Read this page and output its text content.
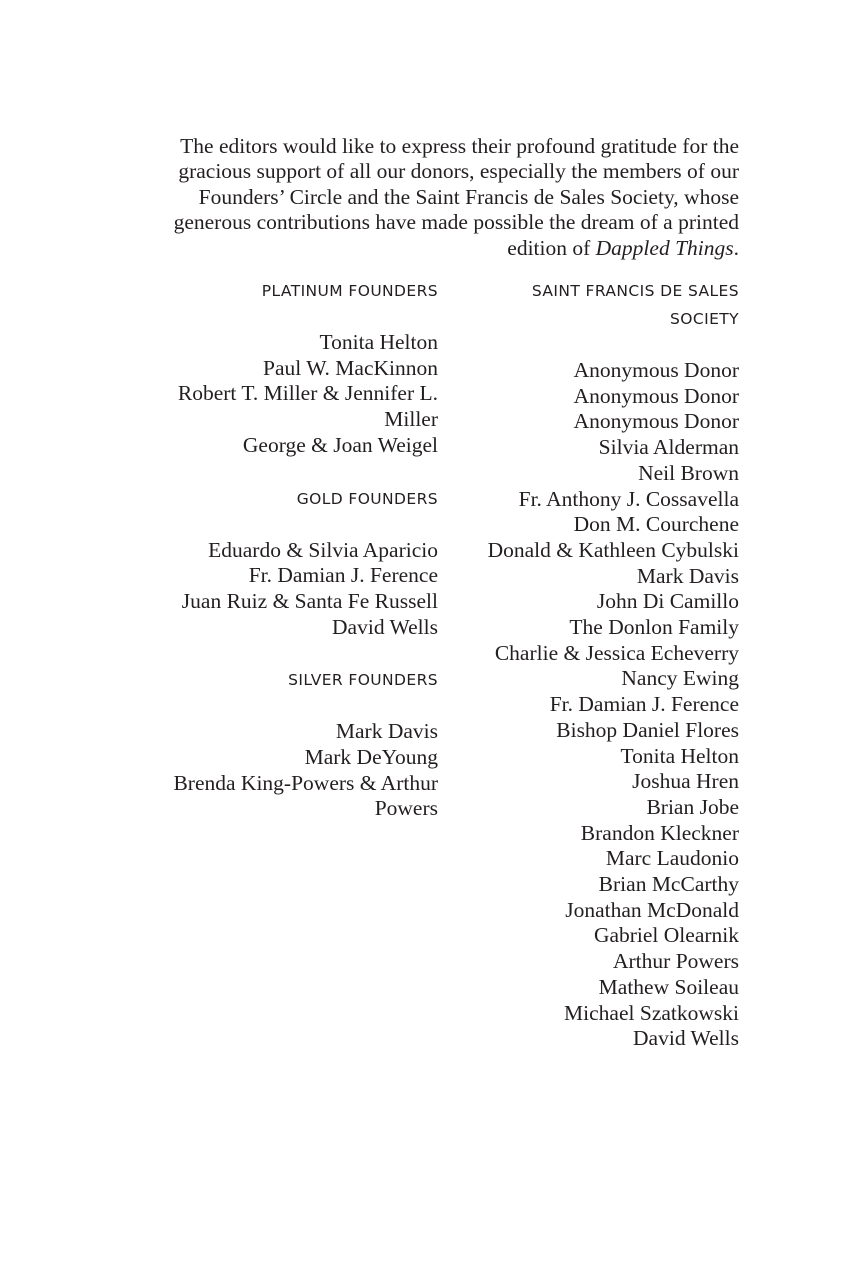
The editors would like to express their profound gratitude for the gracious support of all our donors, especially the members of our Founders’ Circle and the Saint Francis de Sales Society, whose generous contributions have made possible the dream of a printed edition of Dappled Things.

PLATINUM FOUNDERS
Tonita Helton
Paul W. MacKinnon
Robert T. Miller & Jennifer L. Miller
George & Joan Weigel
GOLD FOUNDERS
Eduardo & Silvia Aparicio
Fr. Damian J. Ference
Juan Ruiz & Santa Fe Russell
David Wells
SILVER FOUNDERS
Mark Davis
Mark DeYoung
Brenda King-Powers & Arthur Powers
SAINT FRANCIS DE SALES
SOCIETY
Anonymous Donor
Anonymous Donor
Anonymous Donor
Silvia Alderman
Neil Brown
Fr. Anthony J. Cossavella
Don M. Courchene
Donald & Kathleen Cybulski
Mark Davis
John Di Camillo
The Donlon Family
Charlie & Jessica Echeverry
Nancy Ewing
Fr. Damian J. Ference
Bishop Daniel Flores
Tonita Helton
Joshua Hren
Brian Jobe
Brandon Kleckner
Marc Laudonio
Brian McCarthy
Jonathan McDonald
Gabriel Olearnik
Arthur Powers
Mathew Soileau
Michael Szatkowski
David Wells
